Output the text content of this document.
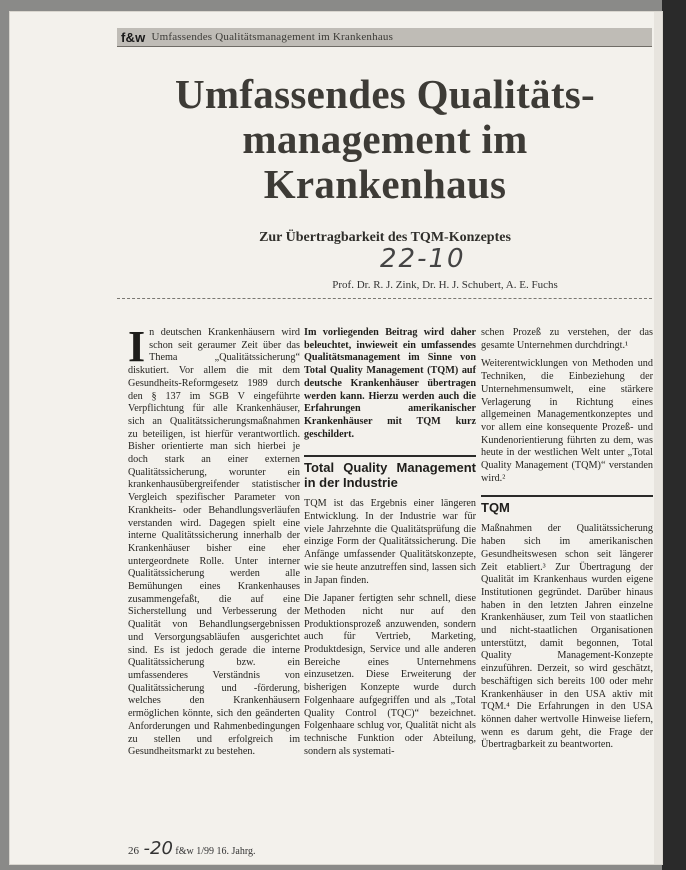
f&w Umfassendes Qualitätsmanagement im Krankenhaus
Umfassendes Qualitäts-
management im
Krankenhaus
Zur Übertragbarkeit des TQM-Konzeptes
22-10
Prof. Dr. R. J. Zink, Dr. H. J. Schubert, A. E. Fuchs
I n deutschen Krankenhäusern wird schon seit geraumer Zeit über das Thema „Qualitätssicherung“ diskutiert. Vor allem die mit dem Gesundheits-Reformgesetz 1989 durch den § 137 im SGB V eingeführte Verpflichtung für alle Krankenhäuser, sich an Qualitätssicherungsmaßnahmen zu beteiligen, ist hierfür verantwortlich. Bisher orientierte man sich hierbei je doch stark an einer externen Qualitätssicherung, worunter ein krankenhausübergreifender statistischer Vergleich spezifischer Parameter von Krankheits- oder Behandlungsverläufen verstanden wird. Dagegen spielt eine interne Qualitätssicherung innerhalb der Krankenhäuser bisher eine eher untergeordnete Rolle. Unter interner Qualitätssicherung werden alle Bemühungen eines Krankenhauses zusammengefaßt, die auf eine Sicherstellung und Verbesserung der Qualität von Behandlungsergebnissen und Versorgungsabläufen ausgerichtet sind. Es ist jedoch gerade die interne Qualitätssicherung bzw. ein umfassenderes Verständnis von Qualitätssicherung und -förderung, welches den Krankenhäusern ermöglichen könnte, sich den geänderten Anforderungen und Rahmenbedingungen zu stellen und erfolgreich im Gesundheitsmarkt zu bestehen.

Im vorliegenden Beitrag wird daher beleuchtet, inwieweit ein umfassendes Qualitätsmanagement im Sinne von Total Quality Management (TQM) auf deutsche Krankenhäuser übertragen werden kann. Hierzu werden auch die Erfahrungen amerikanischer Krankenhäuser mit TQM kurz geschildert.

Total Quality Management in der Industrie

TQM ist das Ergebnis einer längeren Entwicklung. In der Industrie war für viele Jahrzehnte die Qualitätsprüfung die einzige Form der Qualitätssicherung. Die Anfänge umfassender Qualitätskonzepte, wie sie heute anzutreffen sind, lassen sich in Japan finden.

Die Japaner fertigten sehr schnell, diese Methoden nicht nur auf den Produktionsprozeß anzuwenden, sondern auch für Vertrieb, Marketing, Produktdesign, Service und alle anderen Bereiche eines Unternehmens einzusetzen. Diese Erweiterung der bisherigen Konzepte wurde durch Folgenhaare aufgegriffen und als „Total Quality Control (TQC)“ bezeichnet. Folgenhaare schlug vor, Qualität nicht als technische Funktion oder Abteilung, sondern als systemati-

schen Prozeß zu verstehen, der das gesamte Unternehmen durchdringt.¹

Weiterentwicklungen von Methoden und Techniken, die Einbeziehung der Unternehmensumwelt, eine stärkere Verlagerung in Richtung eines allgemeinen Managementkonzeptes und vor allem eine konsequente Prozeß- und Kundenorientierung führten zu dem, was heute in der westlichen Welt unter „Total Quality Management (TQM)“ verstanden wird.²

TQM

Maßnahmen der Qualitätssicherung haben sich im amerikanischen Gesundheitswesen schon seit längerer Zeit etabliert.³ Zur Übertragung der Qualität im Krankenhaus wurden eigene Institutionen gegründet. Darüber hinaus haben in den letzten Jahren einzelne Krankenhäuser, zum Teil von staatlichen und nicht-staatlichen Organisationen unterstützt, damit begonnen, Total Quality Management-Konzepte einzuführen. Derzeit, so wird geschätzt, beschäftigen sich bereits 100 oder mehr Krankenhäuser in den USA aktiv mit TQM.⁴ Die Erfahrungen in den USA können daher wertvolle Hinweise liefern, wenn es darum geht, die Frage der Übertragbarkeit zu beantworten.

26 -20 f&w 1/99 16. Jahrg.
